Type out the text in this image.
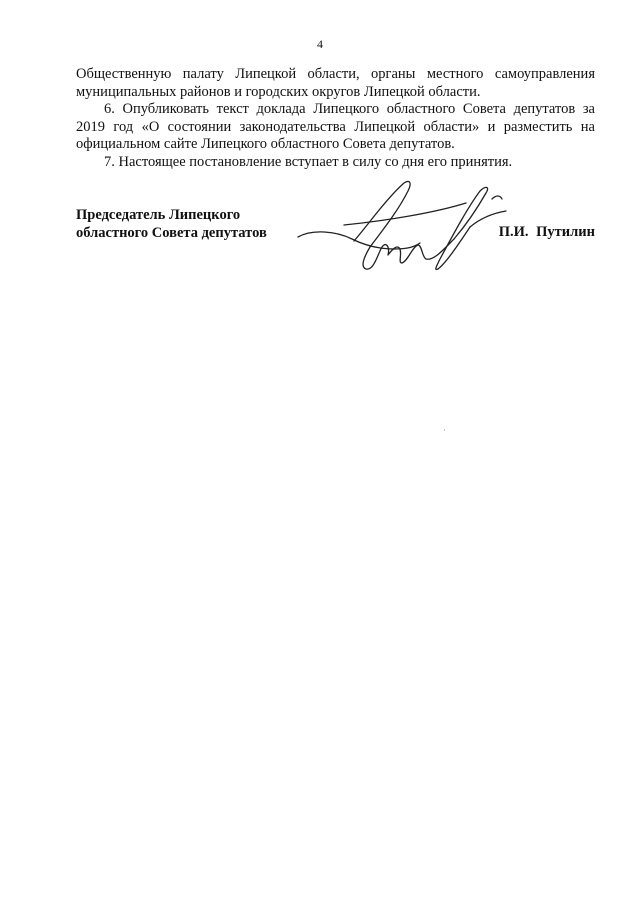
4

Общественную палату Липецкой области, органы местного самоуправления
муниципальных районов и городских округов Липецкой области.

6. Опубликовать текст доклада Липецкого областного Совета депутатов за 2019 год «О состоянии законодательства Липецкой области» и разместить на официальном сайте Липецкого областного Совета депутатов.

7. Настоящее постановление вступает в силу со дня его принятия.

Председатель Липецкого
областного Совета депутатов	П.И. Путилин
